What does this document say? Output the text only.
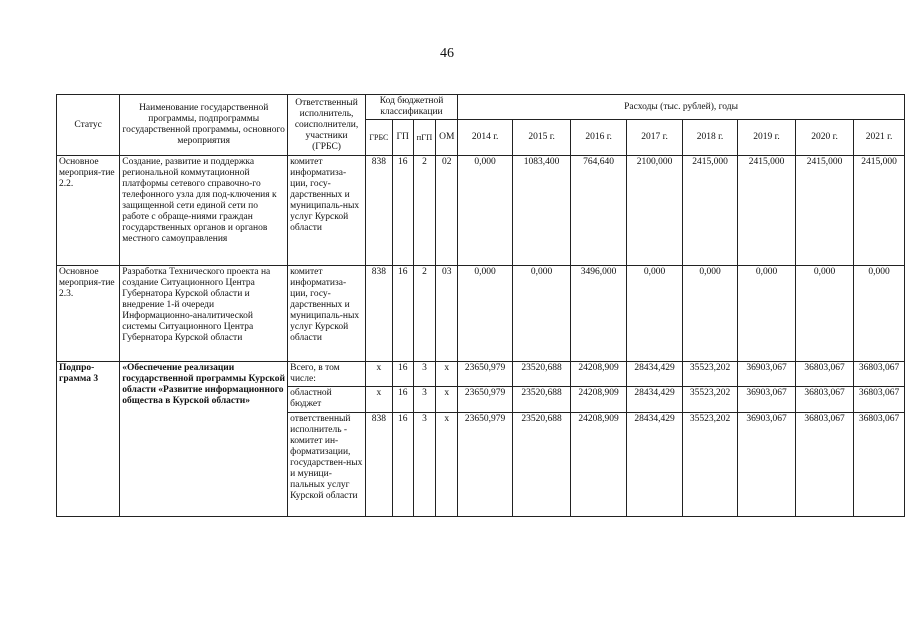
46
Статус	Наименование государственной программы, подпрограммы государственной программы, основного мероприятия	Ответственный исполнитель, соисполнители, участники (ГРБС)	Код бюджетной классификации				Расходы (тыс. рублей), годы							
			ГРБС	ГП	пГП	ОМ	2014 г.	2015 г.	2016 г.	2017 г.	2018 г.	2019 г.	2020 г.	2021 г.
Основное мероприя-тие 2.2.	Создание, развитие и поддержка региональной коммутационной платформы сетевого справочно-го телефонного узла для под-ключения к защищенной сети единой сети по работе с обраще-ниями граждан государственных органов и органов местного самоуправления	комитет информатиза-ции, госу-дарственных и муниципаль-ных услуг Курской области	838	16	2	02	0,000	1083,400	764,640	2100,000	2415,000	2415,000	2415,000	2415,000
Основное мероприя-тие 2.3.	Разработка Технического проекта на создание Ситуационного Центра Губернатора Курской области и внедрение 1-й очереди Информационно-аналитической системы Ситуационного Центра Губернатора Курской области	комитет информатиза-ции, госу-дарственных и муниципаль-ных услуг Курской области	838	16	2	03	0,000	0,000	3496,000	0,000	0,000	0,000	0,000	0,000
Подпро-грамма 3	«Обеспечение реализации государственной программы Курской области «Развитие информационного общества в Курской области»	Всего, в том числе:	x	16	3	x	23650,979	23520,688	24208,909	28434,429	35523,202	36903,067	36803,067	36803,067
		областной бюджет	x	16	3	x	23650,979	23520,688	24208,909	28434,429	35523,202	36903,067	36803,067	36803,067
		ответственный исполнитель - комитет ин-форматизации, государствен-ных и муници-пальных услуг Курской области	838	16	3	x	23650,979	23520,688	24208,909	28434,429	35523,202	36903,067	36803,067	36803,067
